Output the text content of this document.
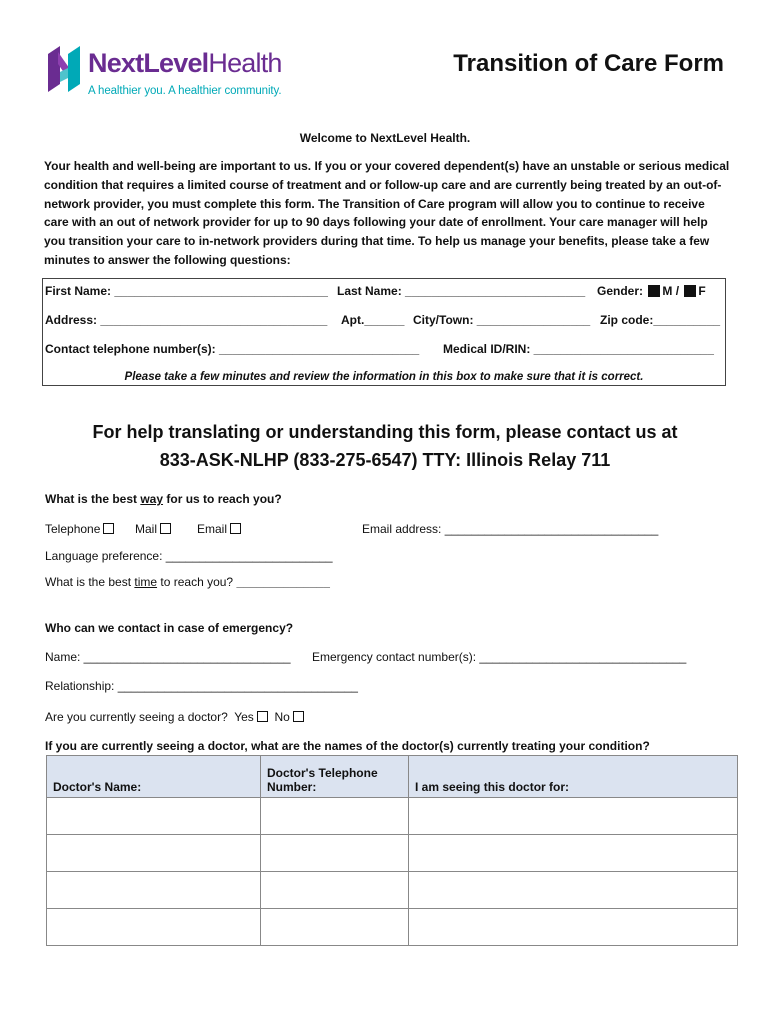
NextLevelHealth
A healthier you. A healthier community.
Transition of Care Form
Welcome to NextLevel Health.
Your health and well-being are important to us. If you or your covered dependent(s) have an unstable or serious medical condition that requires a limited course of treatment and or follow-up care and are currently being treated by an out-of-network provider, you must complete this form. The Transition of Care program will allow you to continue to receive care with an out of network provider for up to 90 days following your date of enrollment. Your care manager will help you transition your care to in-network providers during that time. To help us manage your benefits, please take a few minutes to answer the following questions:
First Name: ________________________________ Last Name: ___________________________ Gender: M / F
Address: __________________________________ Apt.______ City/Town: _________________ Zip code:__________
Contact telephone number(s): ______________________________ Medical ID/RIN: ___________________________
Please take a few minutes and review the information in this box to make sure that it is correct.
For help translating or understanding this form, please contact us at
833-ASK-NLHP (833-275-6547) TTY: Illinois Relay 711
What is the best way for us to reach you?
Telephone	Mail	Email	Email address: ________________________________
Language preference: _________________________
What is the best time to reach you? ______________
Who can we contact in case of emergency?
Name: _______________________________ Emergency contact number(s): _______________________________
Relationship: ____________________________________
Are you currently seeing a doctor? Yes No
If you are currently seeing a doctor, what are the names of the doctor(s) currently treating your condition?
Doctor's Name:	Doctor's Telephone Number:	I am seeing this doctor for:
